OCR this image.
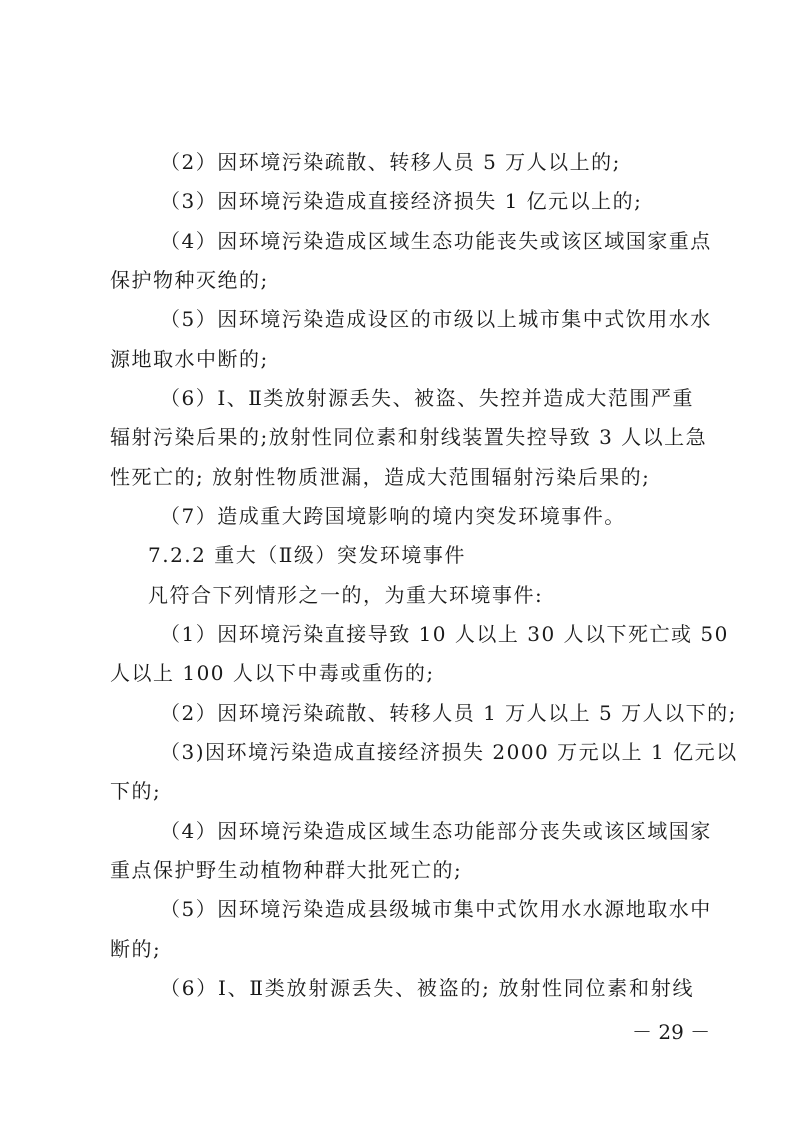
（2）因环境污染疏散、转移人员 5 万人以上的;
（3）因环境污染造成直接经济损失 1 亿元以上的;
（4）因环境污染造成区域生态功能丧失或该区域国家重点
保护物种灭绝的;
（5）因环境污染造成设区的市级以上城市集中式饮用水水
源地取水中断的;
（6）Ⅰ、Ⅱ类放射源丢失、被盗、失控并造成大范围严重
辐射污染后果的;放射性同位素和射线装置失控导致 3 人以上急
性死亡的; 放射性物质泄漏，造成大范围辐射污染后果的;
（7）造成重大跨国境影响的境内突发环境事件。
7.2.2 重大（Ⅱ级）突发环境事件
凡符合下列情形之一的，为重大环境事件:
（1）因环境污染直接导致 10 人以上 30 人以下死亡或 50
人以上 100 人以下中毒或重伤的;
（2）因环境污染疏散、转移人员 1 万人以上 5 万人以下的;
（3)因环境污染造成直接经济损失 2000 万元以上 1 亿元以
下的;
（4）因环境污染造成区域生态功能部分丧失或该区域国家
重点保护野生动植物种群大批死亡的;
（5）因环境污染造成县级城市集中式饮用水水源地取水中
断的;
（6）Ⅰ、Ⅱ类放射源丢失、被盗的; 放射性同位素和射线
－ 29 －
